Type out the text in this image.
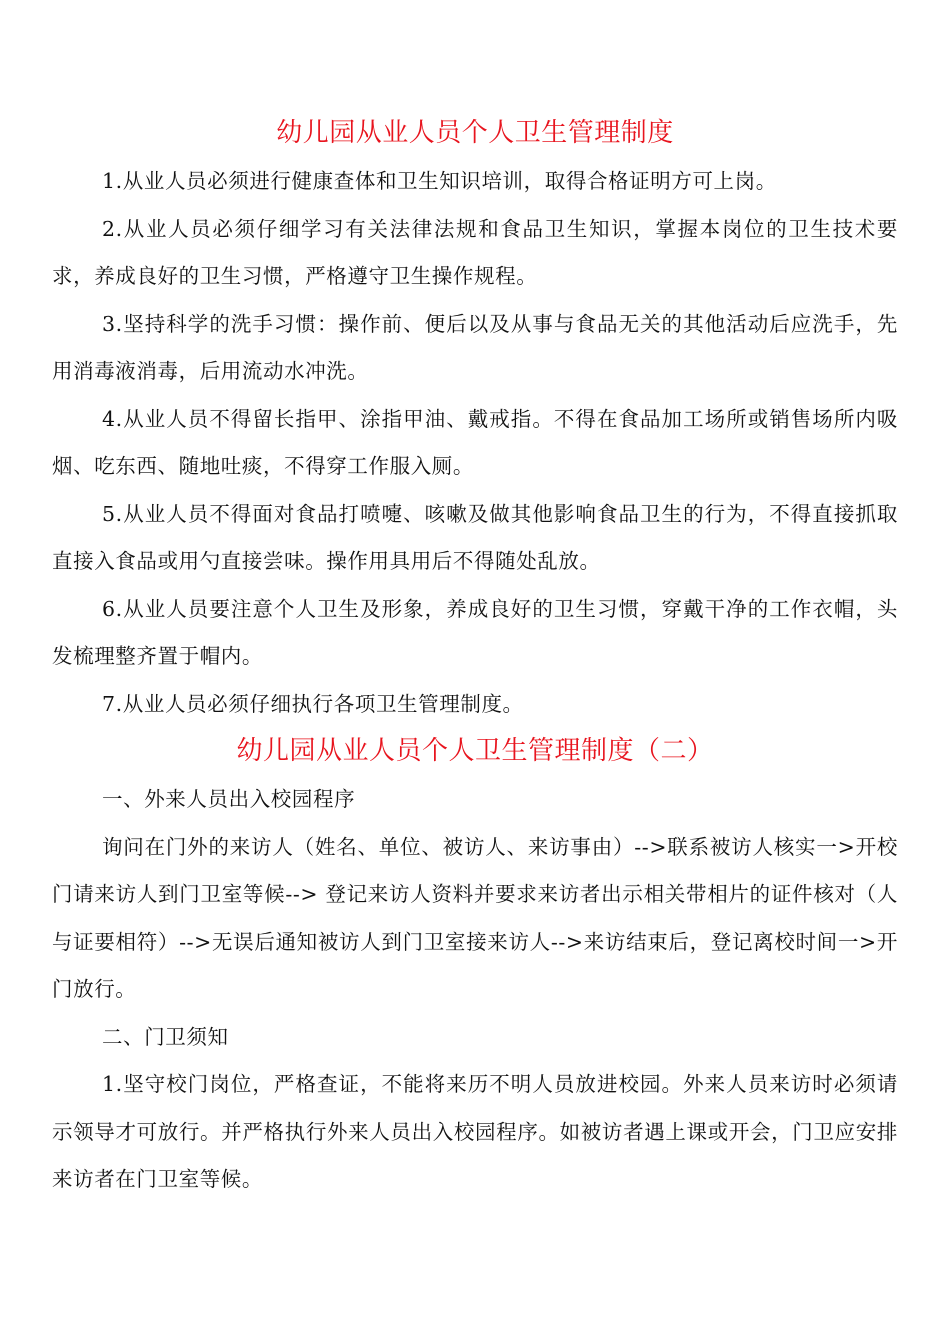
幼儿园从业人员个人卫生管理制度

1.从业人员必须进行健康查体和卫生知识培训，取得合格证明方可上岗。

2.从业人员必须仔细学习有关法律法规和食品卫生知识，掌握本岗位的卫生技术要求，养成良好的卫生习惯，严格遵守卫生操作规程。

3.坚持科学的洗手习惯：操作前、便后以及从事与食品无关的其他活动后应洗手，先用消毒液消毒，后用流动水冲洗。

4.从业人员不得留长指甲、涂指甲油、戴戒指。不得在食品加工场所或销售场所内吸烟、吃东西、随地吐痰，不得穿工作服入厕。

5.从业人员不得面对食品打喷嚏、咳嗽及做其他影响食品卫生的行为，不得直接抓取直接入食品或用勺直接尝味。操作用具用后不得随处乱放。

6.从业人员要注意个人卫生及形象，养成良好的卫生习惯，穿戴干净的工作衣帽，头发梳理整齐置于帽内。

7.从业人员必须仔细执行各项卫生管理制度。

幼儿园从业人员个人卫生管理制度（二）

一、外来人员出入校园程序

询问在门外的来访人（姓名、单位、被访人、来访事由）-->联系被访人核实一>开校门请来访人到门卫室等候--> 登记来访人资料并要求来访者出示相关带相片的证件核对（人与证要相符）-->无误后通知被访人到门卫室接来访人-->来访结束后，登记离校时间一>开门放行。

二、门卫须知

1.坚守校门岗位，严格查证，不能将来历不明人员放进校园。外来人员来访时必须请示领导才可放行。并严格执行外来人员出入校园程序。如被访者遇上课或开会，门卫应安排来访者在门卫室等候。
